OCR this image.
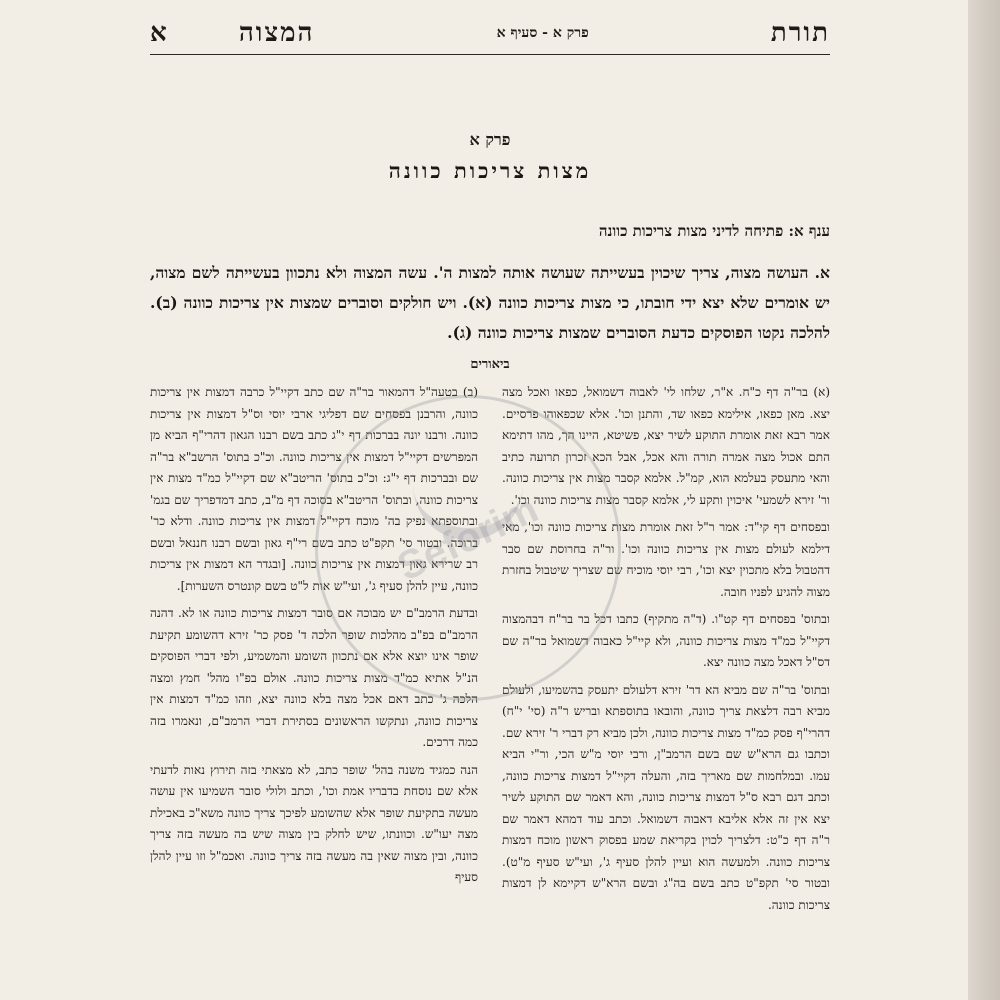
תורת
פרק א - סעיף א
המצוה  א
פרק א
מצות צריכות כוונה
ענף א: פתיחה לדיני מצות צריכות כוונה
א. העושה מצוה, צריך שיכוין בעשייתה שעושה אותה למצות ה'. עשה המצוה ולא נתכוון בעשייתה לשם מצוה, יש אומרים שלא יצא ידי חובתו, כי מצות צריכות כוונה (א). ויש חולקים וסוברים שמצות אין צריכות כוונה (ב). להלכה נקטו הפוסקים כדעת הסוברים שמצות צריכות כוונה (ג).
ביאורים

(א) בר"ה דף כ"ח. א"ר, שלחו לי' לאבוה דשמואל, כפאו ואכל מצה יצא. מאן כפאו, אילימא כפאו שד, והתנן וכו'. אלא שכפאוהו פרסיים. אמר רבא זאת אומרת התוקע לשיר יצא, פשיטא, היינו הך, מהו דתימא התם אכול מצה אמרה תורה והא אכל, אבל הכא זכרון תרועה כתיב והאי מתעסק בעלמא הוא, קמ"ל. אלמא קסבר מצות אין צריכות כוונה. ור' זירא לשמעי' איכוין ותקע לי, אלמא קסבר מצות צריכות כוונה וכו'.

ובפסחים דף קי"ד: אמר ר"ל זאת אומרת מצות צריכות כוונה וכו', מאי דילמא לעולם מצות אין צריכות כוונה וכו'. ור"ה בחרוסת שם סבר דהטבול בלא מתכוין יצא וכו', רבי יוסי מוכיח שם שצריך שיטבול בחזרת מצוה להגיע לפניו חובה.

ובתוס' בפסחים דף קט"ו. (ד"ה מתקיף) כתבו דכל בר בר"ח דבהמצוה דקיי"ל כמ"ד מצות צריכות כוונה, ולא קיי"ל כאבוה דשמואל בר"ה שם דס"ל דאכל מצה כוונה יצא.

ובתוס' בר"ה שם מביא הא דר' זירא דלעולם יתעסק בהשמיעו, ולעולם מביא רבה דלצאת צריך כוונה, והובאו בתוספתא ובריש ר"ה (סי' י"ח) דהרי"ף פסק כמ"ד מצות צריכות כוונה, ולכן מביא רק דברי ר' זירא שם. וכתבו גם הרא"ש שם בשם הרמב"ן, ורבי יוסי מ"ש הכי, ור"י הביא עמו. ובמלחמות שם מאריך בזה, והעלה דקיי"ל דמצות צריכות כוונה, וכתב דגם רבא ס"ל דמצות צריכות כוונה, והא דאמר שם התוקע לשיר יצא אין זה אלא אליבא דאבוה דשמואל. וכתב עוד דמהא דאמר שם ר"ה דף כ"ט: דלצריך לכוין בקריאת שמע בפסוק ראשון מוכח דמצות צריכות כוונה. ולמעשה הוא ועיין להלן סעיף ג', ועי"ש סעיף מ"ט). ובטור סי' תקפ"ט כתב בשם בה"ג ובשם הרא"ש דקיימא לן דמצות צריכות כוונה.

(ב) בטעה"ל דהמאור בר"ה שם כתב דקיי"ל כרבה דמצות אין צריכות כוונה, והרבנן בפסחים שם דפליגי ארבי יוסי וס"ל דמצות אין צריכות כוונה. ורבנו יונה בברכות דף י"ג כתב בשם רבנו הגאון דהרי"ף הביא מן המפרשים דקיי"ל דמצות אין צריכות כוונה. וכ"כ בתוס' הרשב"א בר"ה שם ובברכות דף י"ג: וכ"כ בתוס' הריטב"א שם דקיי"ל כמ"ד מצות אין צריכות כוונה, ובתוס' הריטב"א בסוכה דף מ"ב, כתב דמדפריך שם בגמ' ובתוספתא נפיק בה' מוכח דקיי"ל דמצות אין צריכות כוונה. ודלא כר' ברוכה. ובטור סי' תקפ"ט כתב בשם רי"ף גאון ובשם רבנו חננאל ובשם רב שרירא גאון דמצות אין צריכות כוונה. [ובגדר הא דמצות אין צריכות כוונה, עיין להלן סעיף ג', ועי"ש אות ל"ט בשם קונטרס השערות].

ובדעת הרמב"ם יש מבוכה אם סובר דמצות צריכות כוונה או לא. דהנה הרמב"ם בפ"ב מהלכות שופר הלכה ד' פסק כר' זירא דהשומע תקיעת שופר אינו יוצא אלא אם נתכוון השומע והמשמיע, ולפי דברי הפוסקים הנ"ל אתיא כמ"ד מצות צריכות כוונה. אולם בפ"ו מהל' חמץ ומצה הלכה ג' כתב דאם אכל מצה בלא כוונה יצא, וזהו כמ"ד דמצות אין צריכות כוונה, ונתקשו הראשונים בסתירת דברי הרמב"ם, ונאמרו בזה כמה דרכים.

הנה כמגיד משנה בהל' שופר כתב, לא מצאתי בזה תירוץ נאות לדעתי אלא שם נוסחת בדבריו אמת וכו', וכתב ולולי סובר השמיעו אין עושה מעשה בתקיעת שופר אלא שהשומע לפיכך צריך כוונה משא"כ באכילת מצה יעו"ש. וכוונתו, שיש לחלק בין מצוה שיש בה מעשה בזה צריך כוונה, ובין מצוה שאין בה מעשה בזה צריך כוונה. ואכמ"ל וזו עיין להלן סעיף

Seforim
